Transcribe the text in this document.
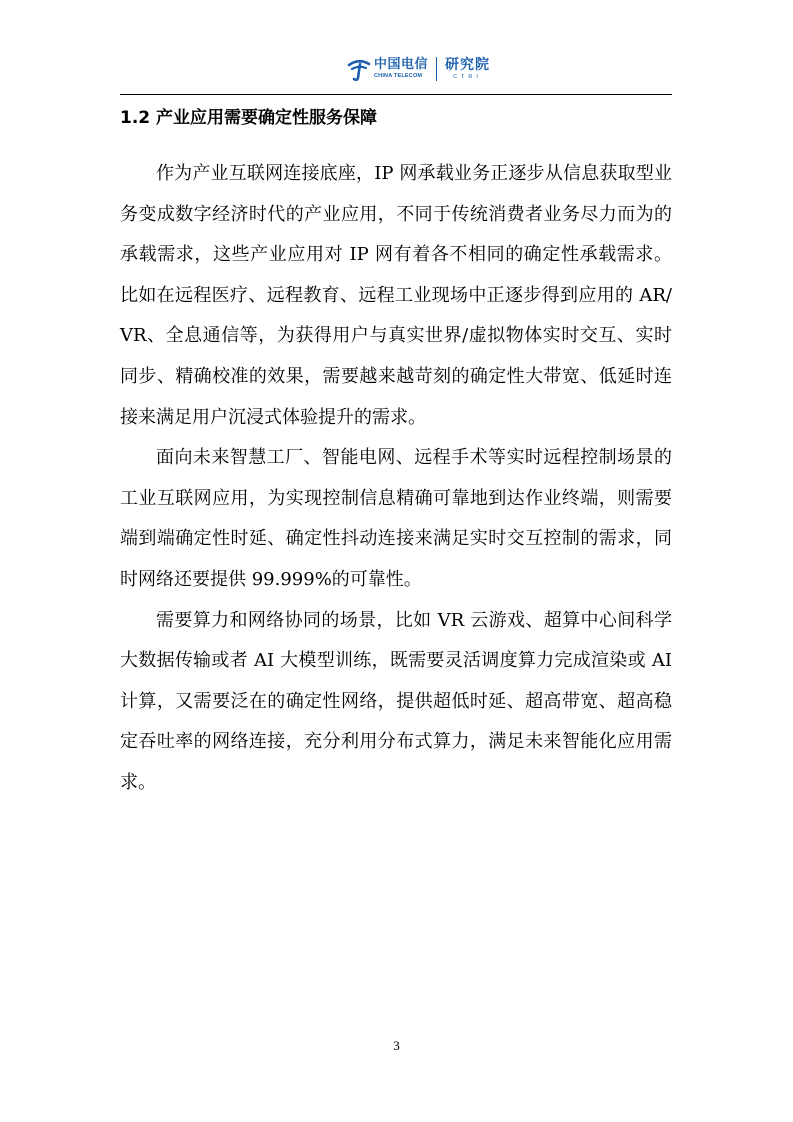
中国电信
CHINA TELECOM
研究院
CTRI
1.2 产业应用需要确定性服务保障

作为产业互联网连接底座，IP 网承载业务正逐步从信息获取型业务变成数字经济时代的产业应用，不同于传统消费者业务尽力而为的承载需求，这些产业应用对 IP 网有着各不相同的确定性承载需求。比如在远程医疗、远程教育、远程工业现场中正逐步得到应用的 AR/VR、全息通信等，为获得用户与真实世界/虚拟物体实时交互、实时同步、精确校准的效果，需要越来越苛刻的确定性大带宽、低延时连接来满足用户沉浸式体验提升的需求。

面向未来智慧工厂、智能电网、远程手术等实时远程控制场景的工业互联网应用，为实现控制信息精确可靠地到达作业终端，则需要端到端确定性时延、确定性抖动连接来满足实时交互控制的需求，同时网络还要提供 99.999%的可靠性。

需要算力和网络协同的场景，比如 VR 云游戏、超算中心间科学大数据传输或者 AI 大模型训练，既需要灵活调度算力完成渲染或 AI 计算，又需要泛在的确定性网络，提供超低时延、超高带宽、超高稳定吞吐率的网络连接，充分利用分布式算力，满足未来智能化应用需求。

3
